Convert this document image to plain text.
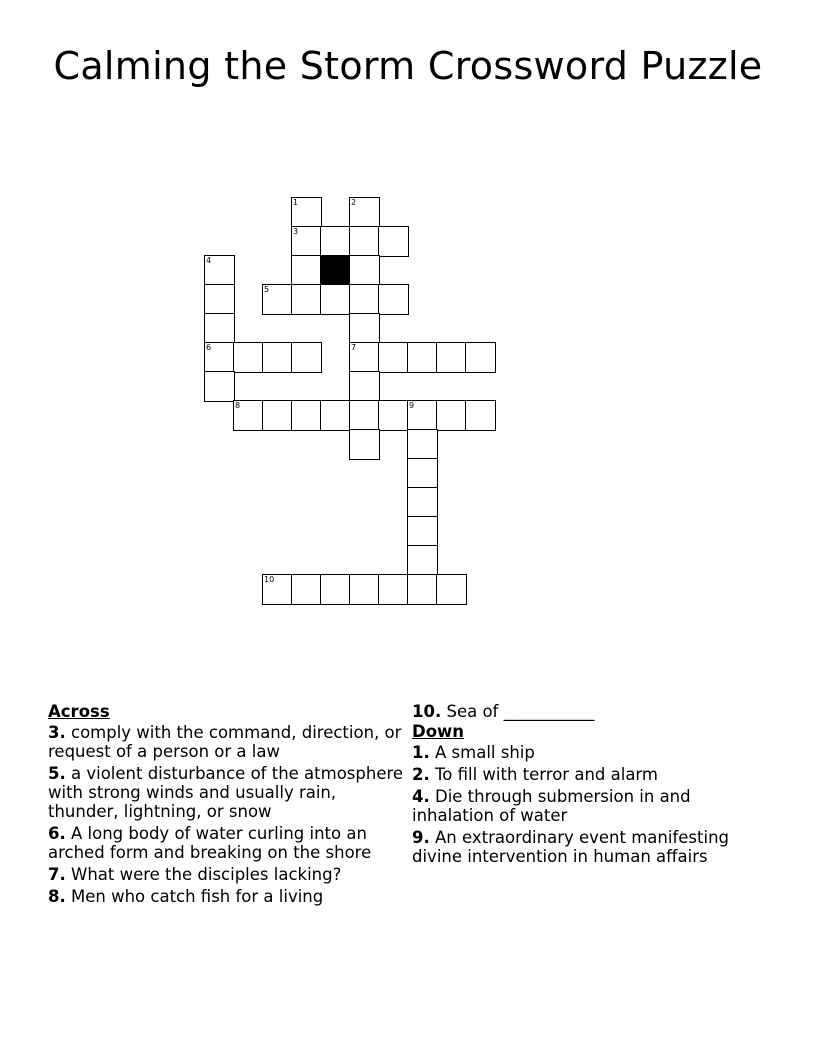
Calming the Storm Crossword Puzzle
1	2
3
4
5
6	7
8	9
10
Across
3. comply with the command, direction, or request of a person or a law
5. a violent disturbance of the atmosphere with strong winds and usually rain, thunder, lightning, or snow
6. A long body of water curling into an arched form and breaking on the shore
7. What were the disciples lacking?
8. Men who catch fish for a living
10. Sea of ___________
Down
1. A small ship
2. To fill with terror and alarm
4. Die through submersion in and inhalation of water
9. An extraordinary event manifesting divine intervention in human affairs
